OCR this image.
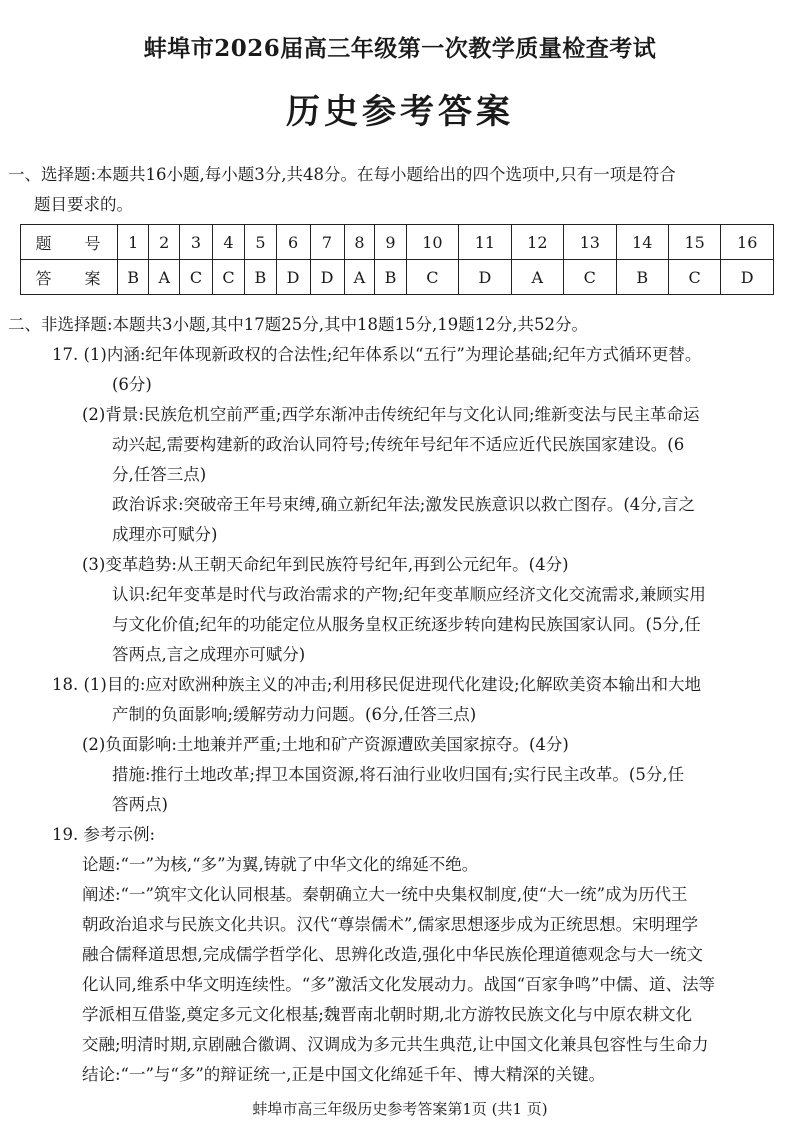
蚌埠市2026届高三年级第一次教学质量检查考试
历史参考答案
一、选择题:本题共16小题,每小题3分,共48分。在每小题给出的四个选项中,只有一项是符合
题目要求的。
题 号	1	2	3	4	5	6	7	8	9	10	11	12	13	14	15	16
答 案	B	A	C	C	B	D	D	A	B	C	D	A	C	B	C	D
二、非选择题:本题共3小题,其中17题25分,其中18题15分,19题12分,共52分。
17. (1)内涵:纪年体现新政权的合法性;纪年体系以“五行”为理论基础;纪年方式循环更替。
(6分)
(2)背景:民族危机空前严重;西学东渐冲击传统纪年与文化认同;维新变法与民主革命运
动兴起,需要构建新的政治认同符号;传统年号纪年不适应近代民族国家建设。(6
分,任答三点)
政治诉求:突破帝王年号束缚,确立新纪年法;激发民族意识以救亡图存。(4分,言之
成理亦可赋分)
(3)变革趋势:从王朝天命纪年到民族符号纪年,再到公元纪年。(4分)
认识:纪年变革是时代与政治需求的产物;纪年变革顺应经济文化交流需求,兼顾实用
与文化价值;纪年的功能定位从服务皇权正统逐步转向建构民族国家认同。(5分,任
答两点,言之成理亦可赋分)
18. (1)目的:应对欧洲种族主义的冲击;利用移民促进现代化建设;化解欧美资本输出和大地
产制的负面影响;缓解劳动力问题。(6分,任答三点)
(2)负面影响:土地兼并严重;土地和矿产资源遭欧美国家掠夺。(4分)
措施:推行土地改革;捍卫本国资源,将石油行业收归国有;实行民主改革。(5分,任
答两点)
19. 参考示例:
论题:“一”为核,“多”为翼,铸就了中华文化的绵延不绝。
阐述:“一”筑牢文化认同根基。秦朝确立大一统中央集权制度,使“大一统”成为历代王
朝政治追求与民族文化共识。汉代“尊崇儒术”,儒家思想逐步成为正统思想。宋明理学
融合儒释道思想,完成儒学哲学化、思辨化改造,强化中华民族伦理道德观念与大一统文
化认同,维系中华文明连续性。“多”激活文化发展动力。战国“百家争鸣”中儒、道、法等
学派相互借鉴,奠定多元文化根基;魏晋南北朝时期,北方游牧民族文化与中原农耕文化
交融;明清时期,京剧融合徽调、汉调成为多元共生典范,让中国文化兼具包容性与生命力
结论:“一”与“多”的辩证统一,正是中国文化绵延千年、博大精深的关键。
蚌埠市高三年级历史参考答案第1页 (共1 页)
